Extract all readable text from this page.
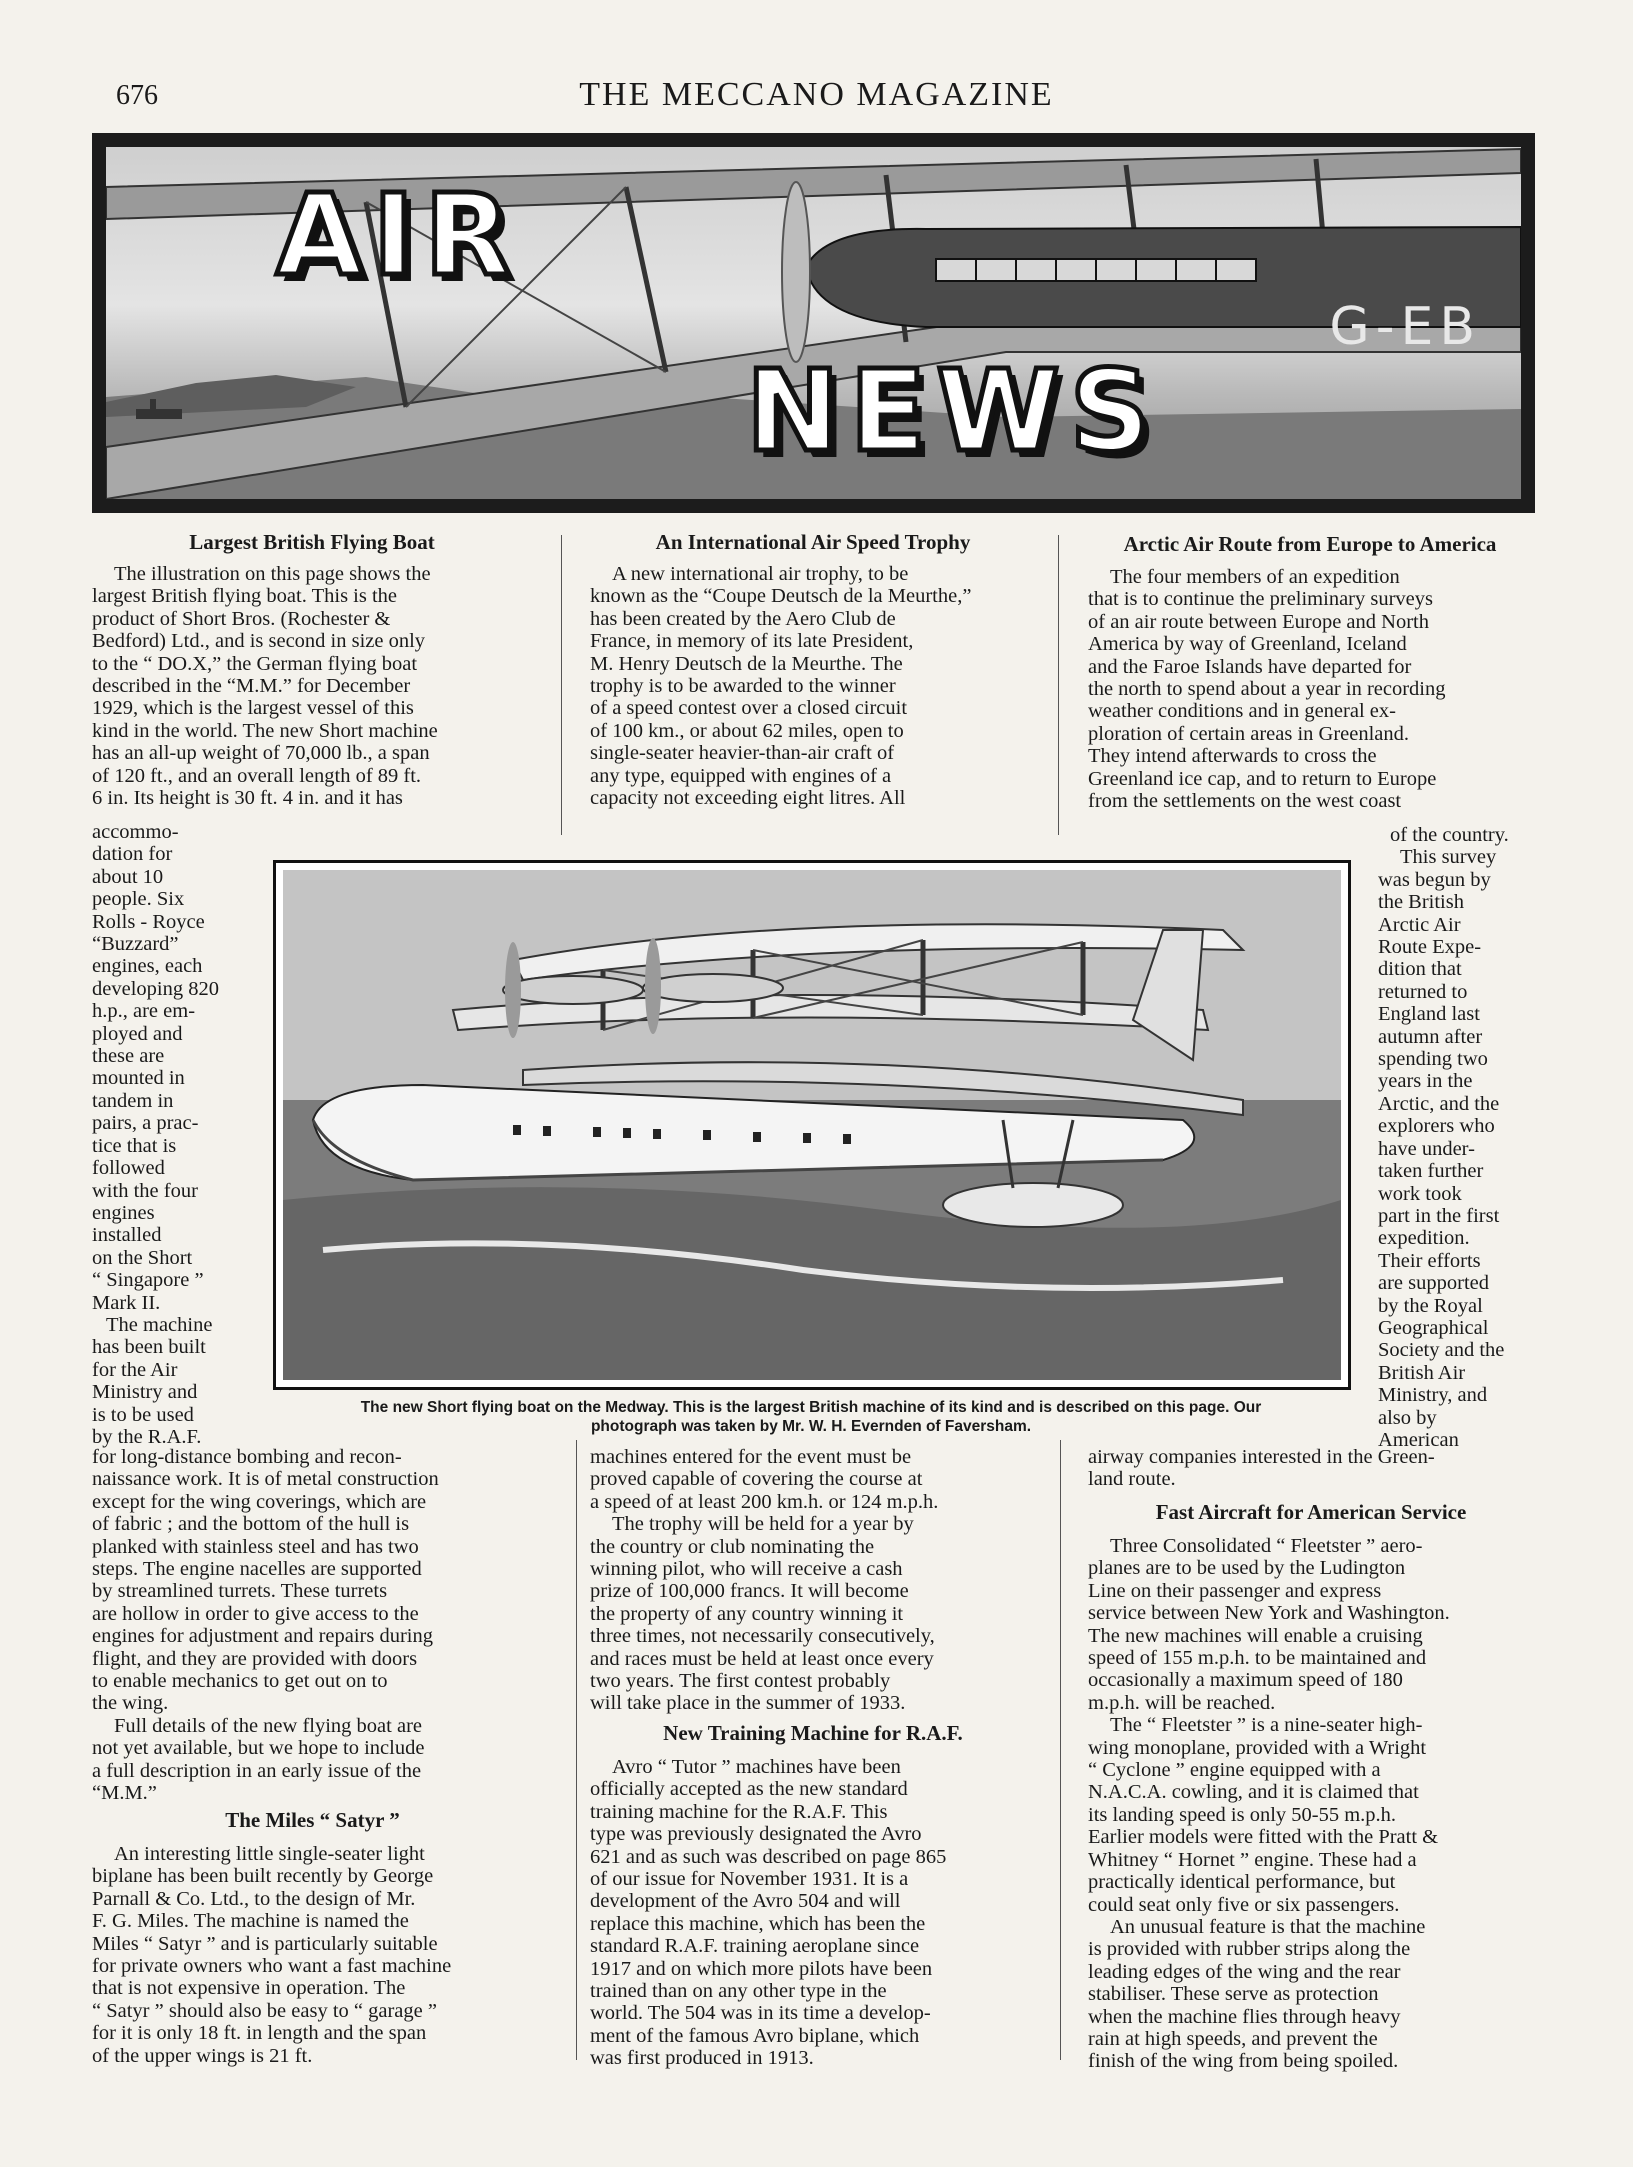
676	THE MECCANO MAGAZINE
AIR
NEWS
G-EB
Largest British Flying Boat

The illustration on this page shows the

largest British flying boat. This is the

product of Short Bros. (Rochester &

Bedford) Ltd., and is second in size only

to the “ DO.X,” the German flying boat

described in the “M.M.” for December

1929, which is the largest vessel of this

kind in the world. The new Short machine

has an all-up weight of 70,000 lb., a span

of 120 ft., and an overall length of 89 ft.

6 in. Its height is 30 ft. 4 in. and it has

accommo-

dation for

about 10

people. Six

Rolls - Royce

“Buzzard”

engines, each

developing 820

h.p., are em-

ployed and

these are

mounted in

tandem in

pairs, a prac-

tice that is

followed

with the four

engines

installed

on the Short

“ Singapore ”

Mark II.

The machine

has been built

for the Air

Ministry and

is to be used

by the R.A.F.

for long-distance bombing and recon-

naissance work. It is of metal construction

except for the wing coverings, which are

of fabric ; and the bottom of the hull is

planked with stainless steel and has two

steps. The engine nacelles are supported

by streamlined turrets. These turrets

are hollow in order to give access to the

engines for adjustment and repairs during

flight, and they are provided with doors

to enable mechanics to get out on to

the wing.

Full details of the new flying boat are

not yet available, but we hope to include

a full description in an early issue of the

“M.M.”

The Miles “ Satyr ”

An interesting little single-seater light

biplane has been built recently by George

Parnall & Co. Ltd., to the design of Mr.

F. G. Miles. The machine is named the

Miles “ Satyr ” and is particularly suitable

for private owners who want a fast machine

that is not expensive in operation. The

“ Satyr ” should also be easy to “ garage ”

for it is only 18 ft. in length and the span

of the upper wings is 21 ft.

An International Air Speed Trophy

A new international air trophy, to be

known as the “Coupe Deutsch de la Meurthe,”

has been created by the Aero Club de

France, in memory of its late President,

M. Henry Deutsch de la Meurthe. The

trophy is to be awarded to the winner

of a speed contest over a closed circuit

of 100 km., or about 62 miles, open to

single-seater heavier-than-air craft of

any type, equipped with engines of a

capacity not exceeding eight litres. All

machines entered for the event must be

proved capable of covering the course at

a speed of at least 200 km.h. or 124 m.p.h.

The trophy will be held for a year by

the country or club nominating the

winning pilot, who will receive a cash

prize of 100,000 francs. It will become

the property of any country winning it

three times, not necessarily consecutively,

and races must be held at least once every

two years. The first contest probably

will take place in the summer of 1933.

New Training Machine for R.A.F.

Avro “ Tutor ” machines have been

officially accepted as the new standard

training machine for the R.A.F. This

type was previously designated the Avro

621 and as such was described on page 865

of our issue for November 1931. It is a

development of the Avro 504 and will

replace this machine, which has been the

standard R.A.F. training aeroplane since

1917 and on which more pilots have been

trained than on any other type in the

world. The 504 was in its time a develop-

ment of the famous Avro biplane, which

was first produced in 1913.

Arctic Air Route from Europe to America

The four members of an expedition

that is to continue the preliminary surveys

of an air route between Europe and North

America by way of Greenland, Iceland

and the Faroe Islands have departed for

the north to spend about a year in recording

weather conditions and in general ex-

ploration of certain areas in Greenland.

They intend afterwards to cross the

Greenland ice cap, and to return to Europe

from the settlements on the west coast

of the country.

This survey

was begun by

the British

Arctic Air

Route Expe-

dition that

returned to

England last

autumn after

spending two

years in the

Arctic, and the

explorers who

have under-

taken further

work took

part in the first

expedition.

Their efforts

are supported

by the Royal

Geographical

Society and the

British Air

Ministry, and

also by

American

airway companies interested in the Green-

land route.

Fast Aircraft for American Service

Three Consolidated “ Fleetster ” aero-

planes are to be used by the Ludington

Line on their passenger and express

service between New York and Washington.

The new machines will enable a cruising

speed of 155 m.p.h. to be maintained and

occasionally a maximum speed of 180

m.p.h. will be reached.

The “ Fleetster ” is a nine-seater high-

wing monoplane, provided with a Wright

“ Cyclone ” engine equipped with a

N.A.C.A. cowling, and it is claimed that

its landing speed is only 50-55 m.p.h.

Earlier models were fitted with the Pratt &

Whitney “ Hornet ” engine. These had a

practically identical performance, but

could seat only five or six passengers.

An unusual feature is that the machine

is provided with rubber strips along the

leading edges of the wing and the rear

stabiliser. These serve as protection

when the machine flies through heavy

rain at high speeds, and prevent the

finish of the wing from being spoiled.

The new Short flying boat on the Medway. This is the largest British machine of its kind and is described on this page. Our
photograph was taken by Mr. W. H. Evernden of Faversham.
